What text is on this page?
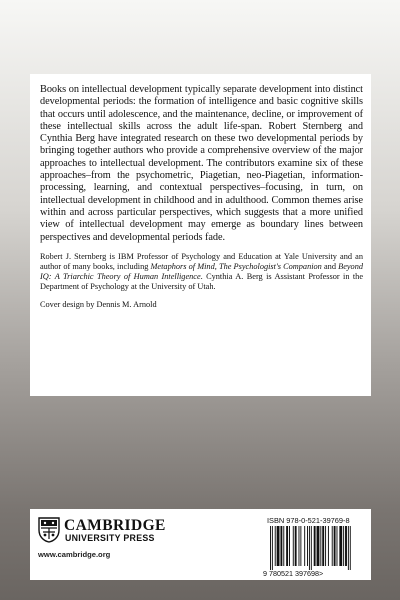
Books on intellectual development typically separate development into distinct developmental periods: the formation of intelligence and basic cognitive skills that occurs until adolescence, and the maintenance, decline, or improvement of these intellectual skills across the adult life-span. Robert Sternberg and Cynthia Berg have integrated research on these two developmental periods by bringing together authors who provide a comprehensive overview of the major approaches to intellectual development. The contributors examine six of these approaches–from the psychometric, Piagetian, neo-Piagetian, information-processing, learning, and contextual perspectives–focusing, in turn, on intellectual development in childhood and in adulthood. Common themes arise within and across particular perspectives, which suggests that a more unified view of intellectual development may emerge as boundary lines between perspectives and developmental periods fade.

Robert J. Sternberg is IBM Professor of Psychology and Education at Yale University and an author of many books, including Metaphors of Mind, The Psychologist's Companion and Beyond IQ: A Triarchic Theory of Human Intelligence. Cynthia A. Berg is Assistant Professor in the Department of Psychology at the University of Utah.

Cover design by Dennis M. Arnold

CAMBRIDGE
UNIVERSITY PRESS
www.cambridge.org
ISBN 978-0-521-39769-8
9 780521 397698>
